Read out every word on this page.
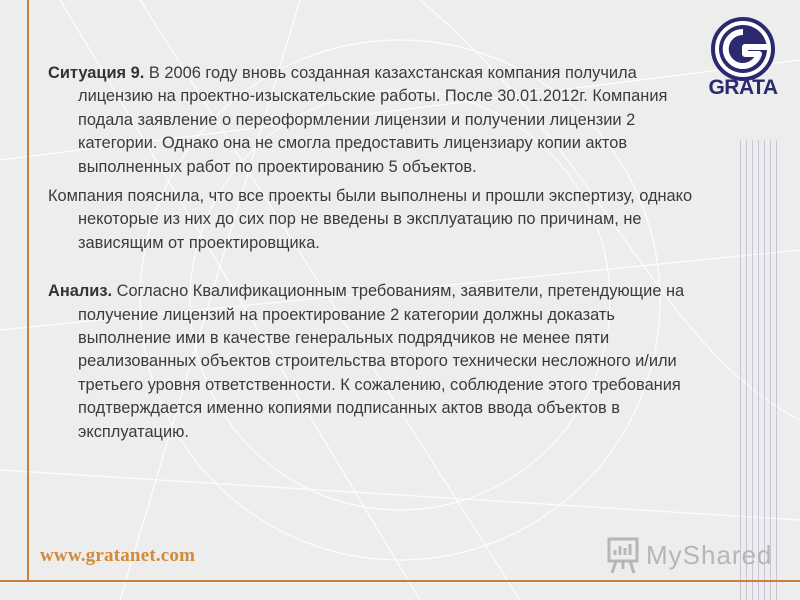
GRATA

Ситуация 9. В 2006 году вновь созданная казахстанская компания получила лицензию на проектно-изыскательские работы. После 30.01.2012г. Компания подала заявление о переоформлении лицензии и получении лицензии 2 категории. Однако она не смогла предоставить лицензиару копии актов выполненных работ по проектированию 5 объектов.

Компания пояснила, что все проекты были выполнены и прошли экспертизу, однако некоторые из них до сих пор не введены в эксплуатацию по причинам, не зависящим от проектировщика.

Анализ. Согласно Квалификационным требованиям, заявители, претендующие на получение лицензий на проектирование 2 категории должны доказать выполнение ими в качестве генеральных подрядчиков не менее пяти реализованных объектов строительства второго технически несложного и/или третьего уровня ответственности. К сожалению, соблюдение этого требования подтверждается именно копиями подписанных актов ввода объектов в эксплуатацию.

www.gratanet.com	MyShared
